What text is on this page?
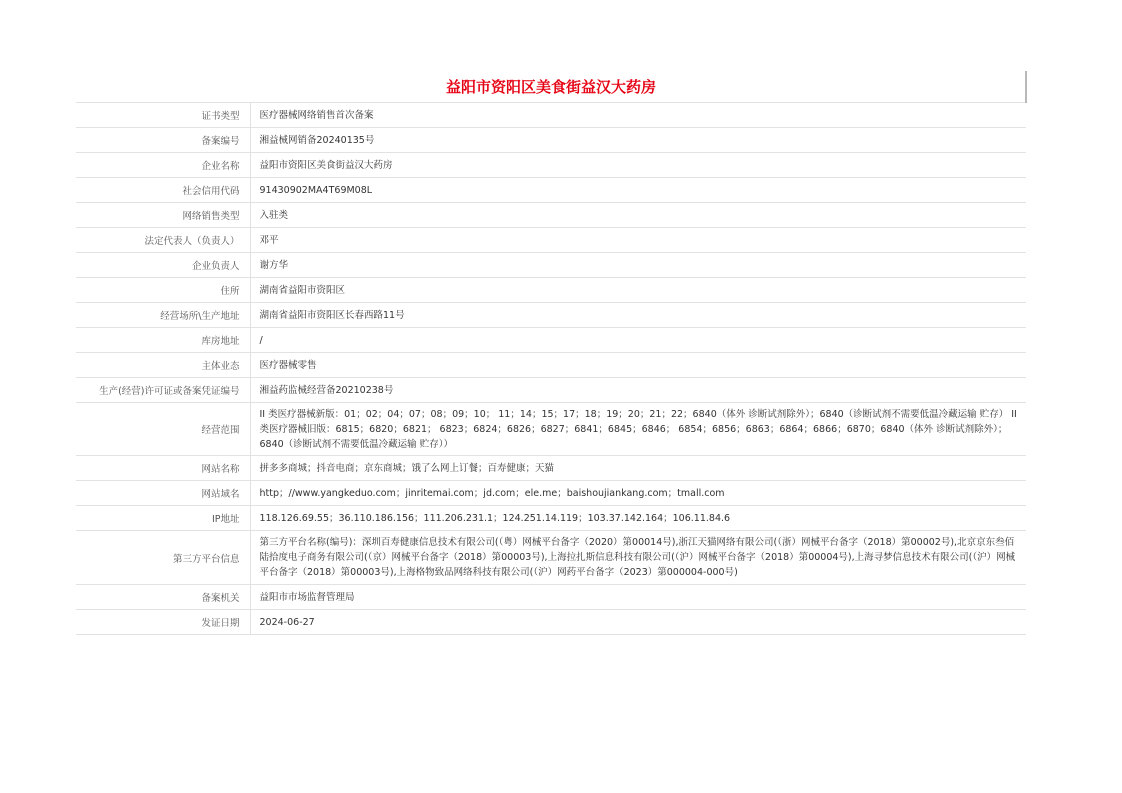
益阳市资阳区美食街益汉大药房
证书类型	医疗器械网络销售首次备案
备案编号	湘益械网销备20240135号
企业名称	益阳市资阳区美食街益汉大药房
社会信用代码	91430902MA4T69M08L
网络销售类型	入驻类
法定代表人（负责人）	邓平
企业负责人	谢方华
住所	湖南省益阳市资阳区
经营场所\生产地址	湖南省益阳市资阳区长春西路11号
库房地址	/
主体业态	医疗器械零售
生产(经营)许可证或备案凭证编号	湘益药监械经营备20210238号
经营范围	II 类医疗器械新版：01；02；04；07；08；09；10； 11；14；15；17；18；19；20；21；22；6840（体外 诊断试剂除外）；6840（诊断试剂不需要低温冷藏运输 贮存） II 类医疗器械旧版：6815；6820；6821； 6823；6824；6826；6827；6841；6845；6846； 6854；6856；6863；6864；6866；6870；6840（体外 诊断试剂除外）；6840（诊断试剂不需要低温冷藏运输 贮存））
网站名称	拼多多商城；抖音电商；京东商城；饿了么网上订餐；百寿健康；天猫
网站域名	http；//www.yangkeduo.com；jinritemai.com；jd.com；ele.me；baishoujiankang.com；tmall.com
IP地址	118.126.69.55；36.110.186.156；111.206.231.1；124.251.14.119；103.37.142.164；106.11.84.6
第三方平台信息	第三方平台名称(编号)：深圳百寿健康信息技术有限公司(（粤）网械平台备字（2020）第00014号),浙江天猫网络有限公司(（浙）网械平台备字（2018）第00002号),北京京东叁佰陆拾度电子商务有限公司(（京）网械平台备字（2018）第00003号),上海拉扎斯信息科技有限公司(（沪）网械平台备字（2018）第00004号),上海寻梦信息技术有限公司(（沪）网械平台备字（2018）第00003号),上海格物致品网络科技有限公司(（沪）网药平台备字（2023）第000004-000号)
备案机关	益阳市市场监督管理局
发证日期	2024-06-27
